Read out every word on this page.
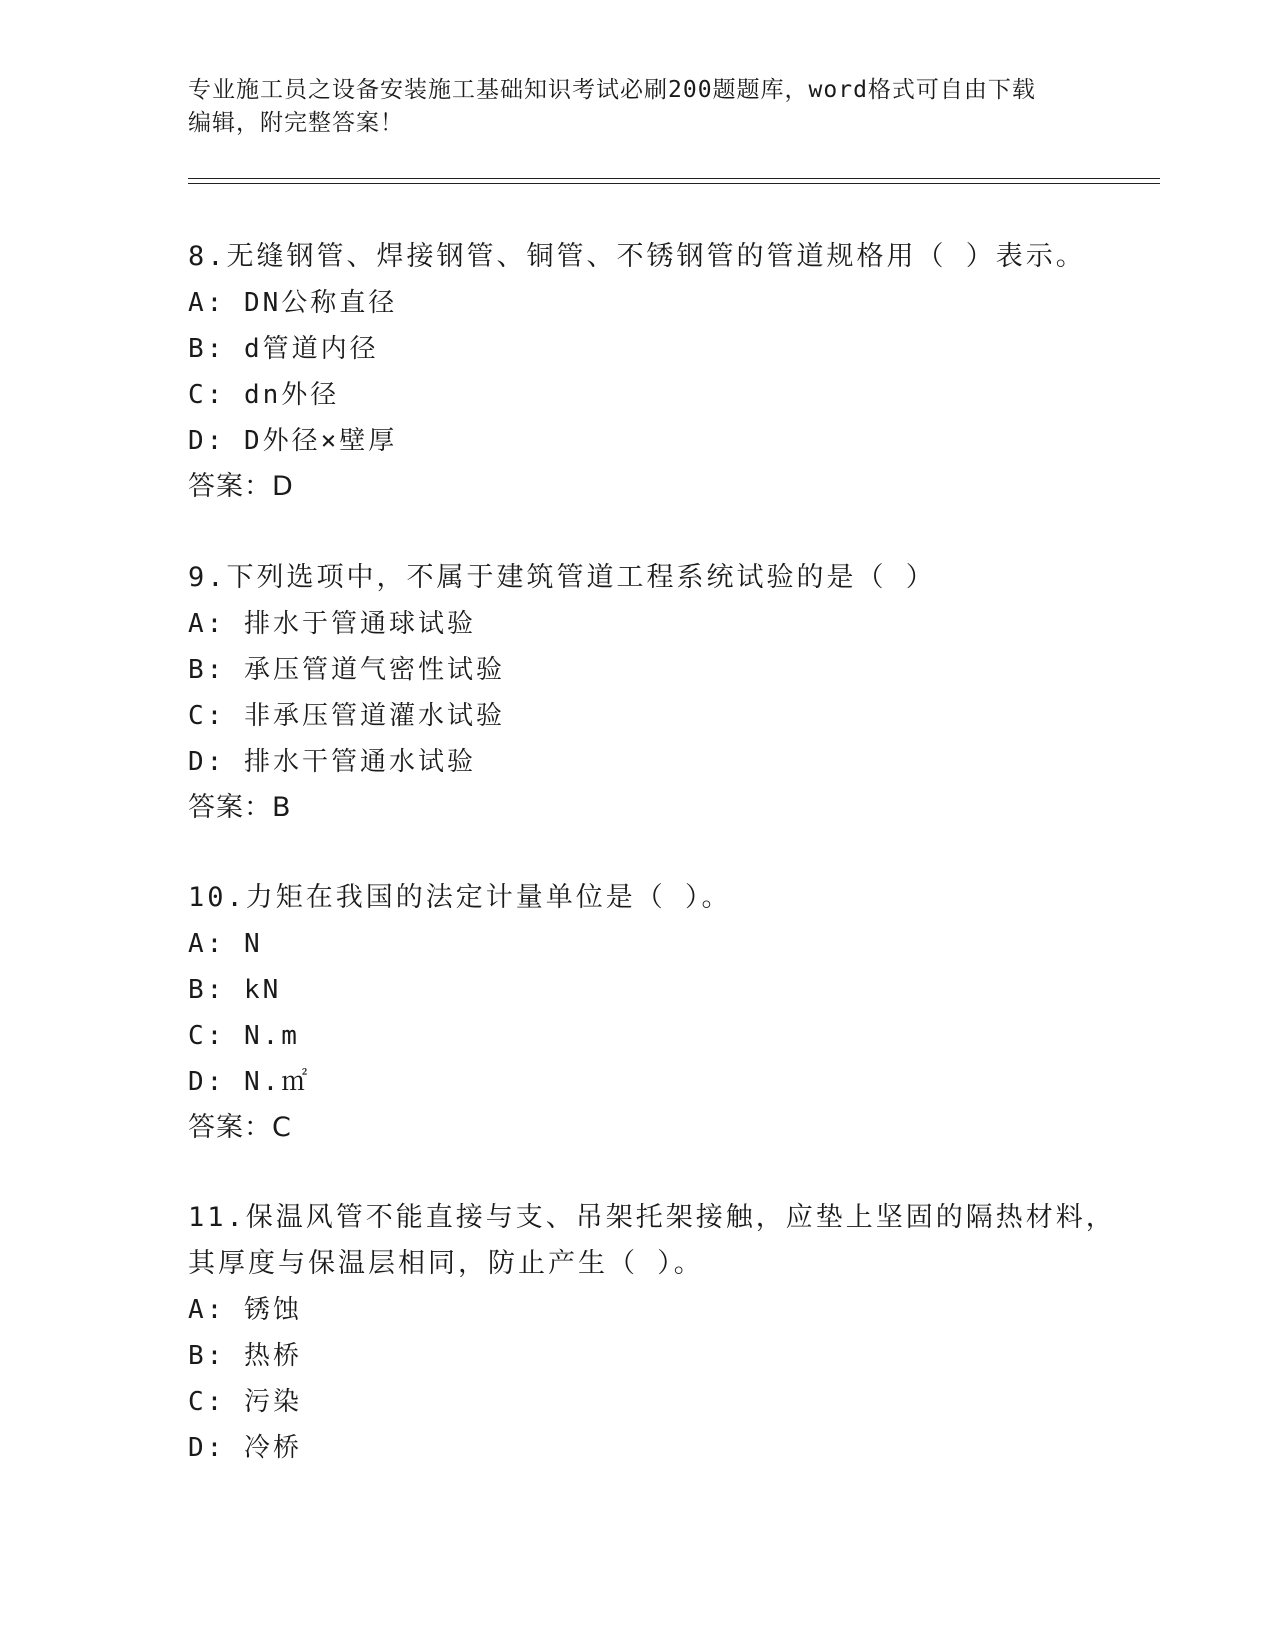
专业施工员之设备安装施工基础知识考试必刷200题题库，word格式可自由下载
编辑，附完整答案！

8.无缝钢管、焊接钢管、铜管、不锈钢管的管道规格用（ ）表示。

A: DN公称直径

B: d管道内径

C: dn外径

D: D外径×壁厚

答案：D

9.下列选项中，不属于建筑管道工程系统试验的是（ ）

A: 排水于管通球试验

B: 承压管道气密性试验

C: 非承压管道灌水试验

D: 排水干管通水试验

答案：B

10.力矩在我国的法定计量单位是（ ）。

A: N

B: kN

C: N.m

D: N.㎡

答案：C

11.保温风管不能直接与支、吊架托架接触，应垫上坚固的隔热材料，

其厚度与保温层相同，防止产生（ ）。

A: 锈蚀

B: 热桥

C: 污染

D: 冷桥
